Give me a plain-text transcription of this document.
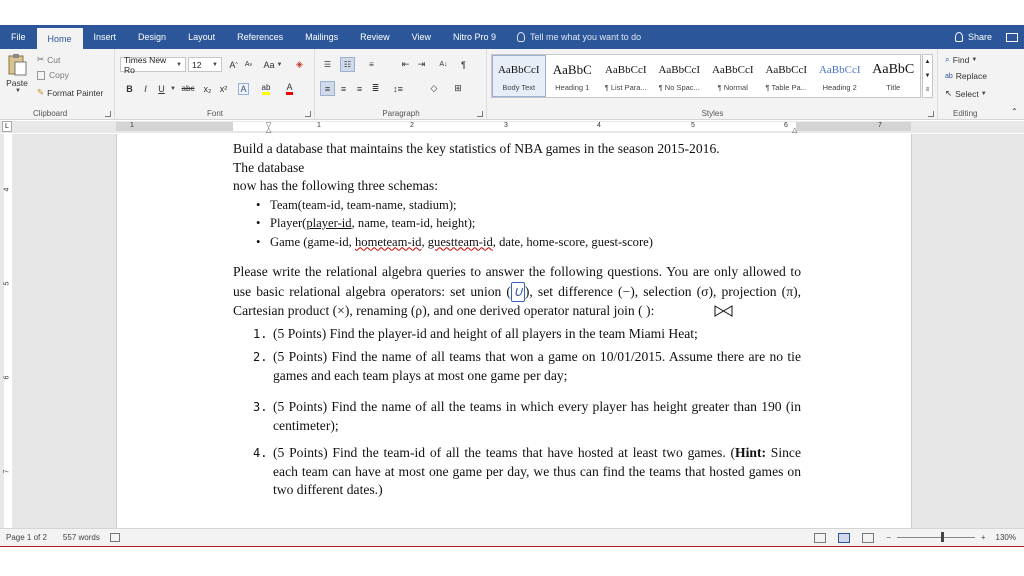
File	Home	Insert	Design	Layout	References	Mailings	Review	View	Nitro Pro 9	Tell me what you want to do	Share
Paste
▼
✂ Cut
Copy
✎ Format Painter
Clipboard
Times New Ro	▼ 12 ▼ A ^ A v Aa ▼ ◈
B	I	U ▼ abc	x₂ x²	A ab A
Font
☰ ☷ ≡	⇤ ⇥ A↓ ¶
≡ ≡ ≡ ≣ ↕≡	◇ ⊞
Paragraph	Styles
AaBbCcI
Body Text
AaBbC
Heading 1
AaBbCcI
¶ List Para...
AaBbCcI
¶ No Spac...
AaBbCcI
¶ Normal
AaBbCcI
¶ Table Pa...
AaBbCcI
Heading 2
AaBbC
Title
▲
▼
≡
⌕ Find ▼
ab Replace
↖ Select ▼
Editing	⌃
L	1	1	2	3	4	5	6	7
▽
△	△
4
5
6
7

Build a database that maintains the key statistics of NBA games in the season 2015-2016.

The database

now has the following three schemas:

• Team(team-id, team-name, stadium);
• Player(player-id, name, team-id, height);
• Game (game-id, hometeam-id, guestteam-id, date, home-score, guest-score)

Please write the relational algebra queries to answer the following questions. You are only allowed to use basic relational algebra operators: set union ( ∪ ), set difference (−), selection (σ), projection (π), Cartesian product (×), renaming (ρ), and one derived operator natural join ( ):

1. (5 Points) Find the player-id and height of all players in the team Miami Heat;

2. (5 Points) Find the name of all teams that won a game on 10/01/2015. Assume there are no tie games and each team plays at most one game per day;

3. (5 Points) Find the name of all the teams in which every player has height greater than 190 (in centimeter);

4. (5 Points) Find the team-id of all the teams that have hosted at least two games. (Hint: Since each team can have at most one game per day, we thus can find the teams that hosted games on two different dates.)

Page 1 of 2 557 words	−	+ 130%
